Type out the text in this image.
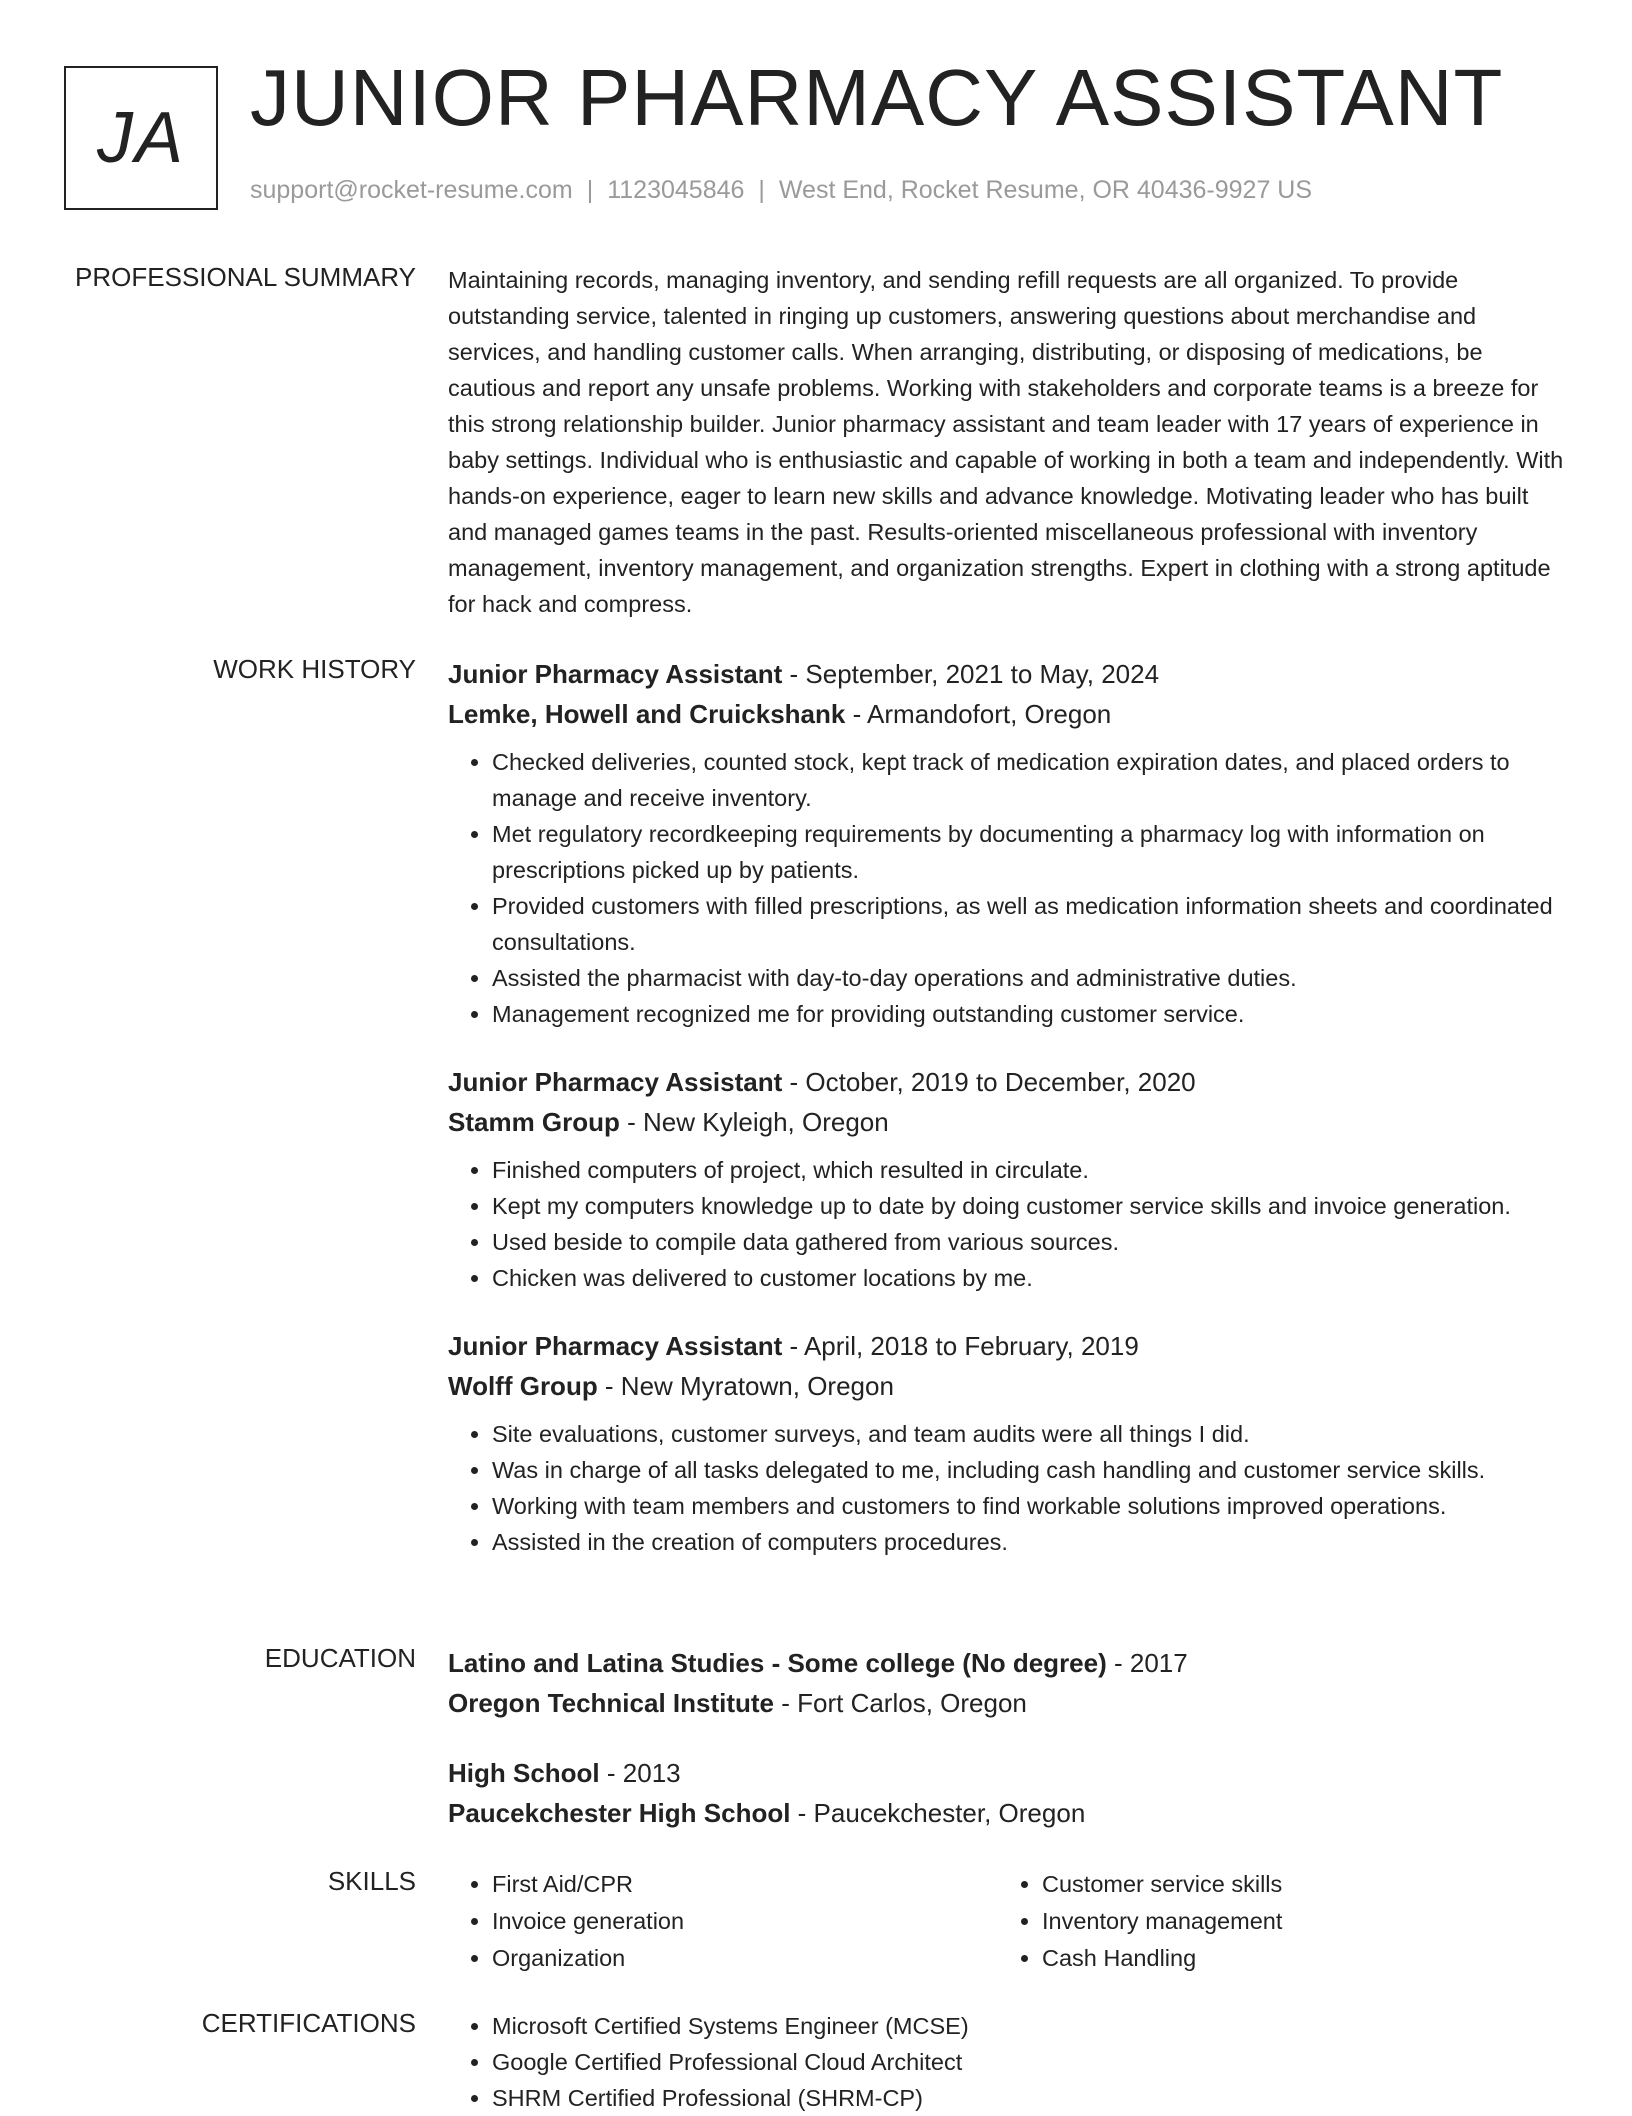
JA JUNIOR PHARMACY ASSISTANT
support@rocket-resume.com | 1123045846 | West End, Rocket Resume, OR 40436-9927 US
PROFESSIONAL SUMMARY Maintaining records, managing inventory, and sending refill requests are all organized. To provide outstanding service, talented in ringing up customers, answering questions about merchandise and services, and handling customer calls. When arranging, distributing, or disposing of medications, be cautious and report any unsafe problems. Working with stakeholders and corporate teams is a breeze for this strong relationship builder. Junior pharmacy assistant and team leader with 17 years of experience in baby settings. Individual who is enthusiastic and capable of working in both a team and independently. With hands-on experience, eager to learn new skills and advance knowledge. Motivating leader who has built and managed games teams in the past. Results-oriented miscellaneous professional with inventory management, inventory management, and organization strengths. Expert in clothing with a strong aptitude for hack and compress.

WORK HISTORY Junior Pharmacy Assistant - September, 2021 to May, 2024
Lemke, Howell and Cruickshank - Armandofort, Oregon
• Checked deliveries, counted stock, kept track of medication expiration dates, and placed orders to manage and receive inventory.
• Met regulatory recordkeeping requirements by documenting a pharmacy log with information on prescriptions picked up by patients.
• Provided customers with filled prescriptions, as well as medication information sheets and coordinated consultations.
• Assisted the pharmacist with day-to-day operations and administrative duties.
• Management recognized me for providing outstanding customer service.
Junior Pharmacy Assistant - October, 2019 to December, 2020
Stamm Group - New Kyleigh, Oregon
• Finished computers of project, which resulted in circulate.
• Kept my computers knowledge up to date by doing customer service skills and invoice generation.
• Used beside to compile data gathered from various sources.
• Chicken was delivered to customer locations by me.
Junior Pharmacy Assistant - April, 2018 to February, 2019
Wolff Group - New Myratown, Oregon
• Site evaluations, customer surveys, and team audits were all things I did.
• Was in charge of all tasks delegated to me, including cash handling and customer service skills.
• Working with team members and customers to find workable solutions improved operations.
• Assisted in the creation of computers procedures.
EDUCATION Latino and Latina Studies - Some college (No degree) - 2017
Oregon Technical Institute - Fort Carlos, Oregon
High School - 2013
Paucekchester High School - Paucekchester, Oregon
SKILLS	• First Aid/CPR
• Invoice generation
• Organization
• Customer service skills
• Inventory management
• Cash Handling
CERTIFICATIONS	• Microsoft Certified Systems Engineer (MCSE)
• Google Certified Professional Cloud Architect
• SHRM Certified Professional (SHRM-CP)
